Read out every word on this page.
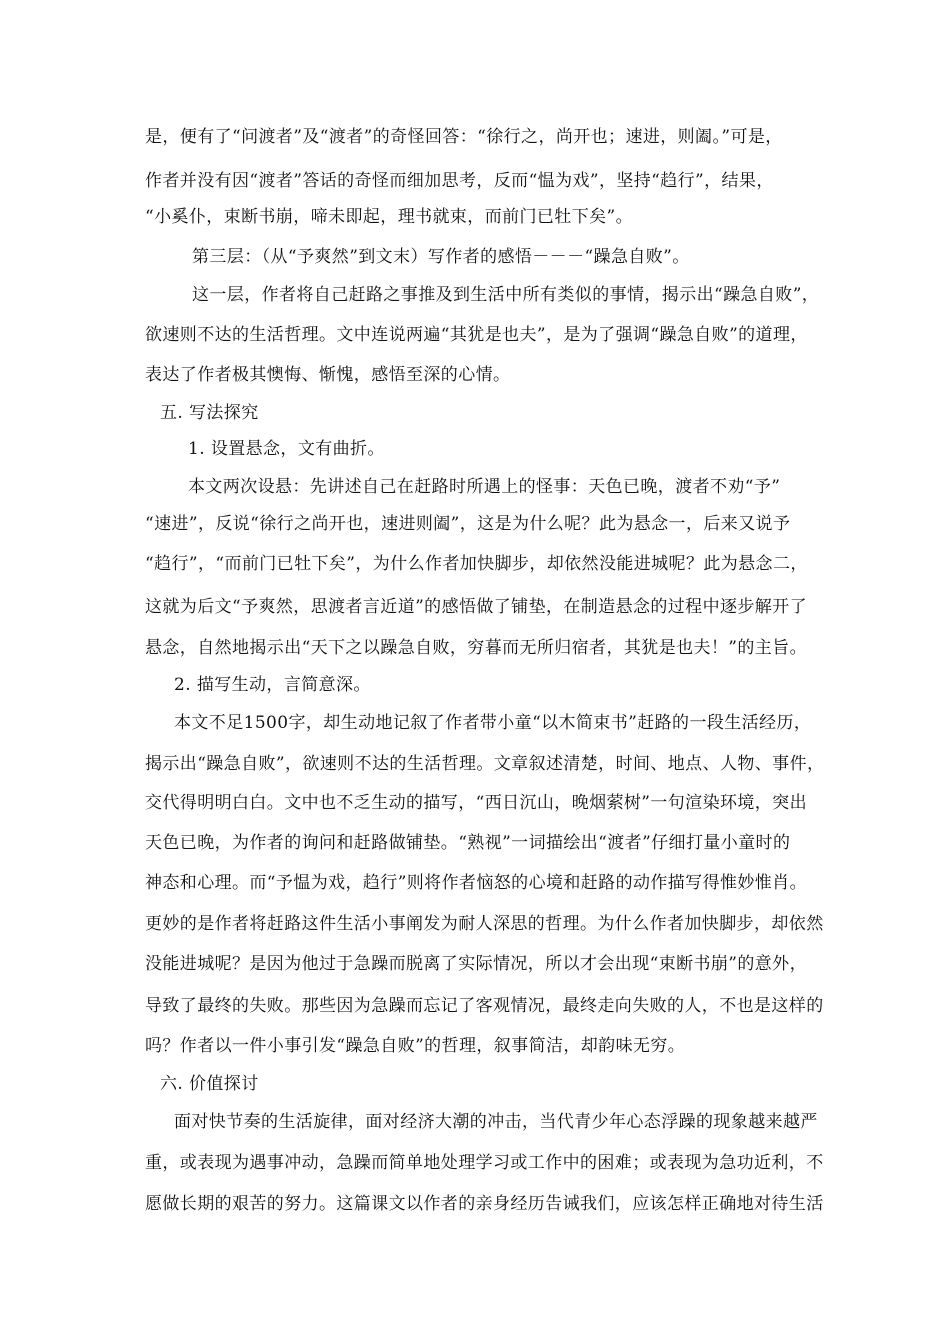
是，便有了“问渡者”及“渡者”的奇怪回答：“徐行之，尚开也；速进，则阖。”可是，
作者并没有因“渡者”答话的奇怪而细加思考，反而“愠为戏”，坚持“趋行”，结果，
“小奚仆，束断书崩，啼未即起，理书就束，而前门已牡下矣”。
第三层：（从“予爽然”到文末）写作者的感悟－－－“躁急自败”。
这一层，作者将自己赶路之事推及到生活中所有类似的事情，揭示出“躁急自败”，
欲速则不达的生活哲理。文中连说两遍“其犹是也夫”，是为了强调“躁急自败”的道理，
表达了作者极其懊悔、惭愧，感悟至深的心情。
五. 写法探究
1. 设置悬念，文有曲折。
本文两次设悬：先讲述自己在赶路时所遇上的怪事：天色已晚，渡者不劝“予”
“速进”，反说“徐行之尚开也，速进则阖”，这是为什么呢？此为悬念一，后来又说予
“趋行”，“而前门已牡下矣”，为什么作者加快脚步，却依然没能进城呢？此为悬念二，
这就为后文“予爽然，思渡者言近道”的感悟做了铺垫，在制造悬念的过程中逐步解开了
悬念，自然地揭示出“天下之以躁急自败，穷暮而无所归宿者，其犹是也夫！”的主旨。
2. 描写生动，言简意深。
本文不足1500字，却生动地记叙了作者带小童“以木简束书”赶路的一段生活经历，
揭示出“躁急自败”，欲速则不达的生活哲理。文章叙述清楚，时间、地点、人物、事件，
交代得明明白白。文中也不乏生动的描写，“西日沉山，晚烟萦树”一句渲染环境，突出
天色已晚，为作者的询问和赶路做铺垫。“熟视”一词描绘出“渡者”仔细打量小童时的
神态和心理。而“予愠为戏，趋行”则将作者恼怒的心境和赶路的动作描写得惟妙惟肖。
更妙的是作者将赶路这件生活小事阐发为耐人深思的哲理。为什么作者加快脚步，却依然
没能进城呢？是因为他过于急躁而脱离了实际情况，所以才会出现“束断书崩”的意外，
导致了最终的失败。那些因为急躁而忘记了客观情况，最终走向失败的人，不也是这样的
吗？作者以一件小事引发“躁急自败”的哲理，叙事简洁，却韵味无穷。
六. 价值探讨
面对快节奏的生活旋律，面对经济大潮的冲击，当代青少年心态浮躁的现象越来越严
重，或表现为遇事冲动，急躁而简单地处理学习或工作中的困难；或表现为急功近利，不
愿做长期的艰苦的努力。这篇课文以作者的亲身经历告诫我们，应该怎样正确地对待生活
